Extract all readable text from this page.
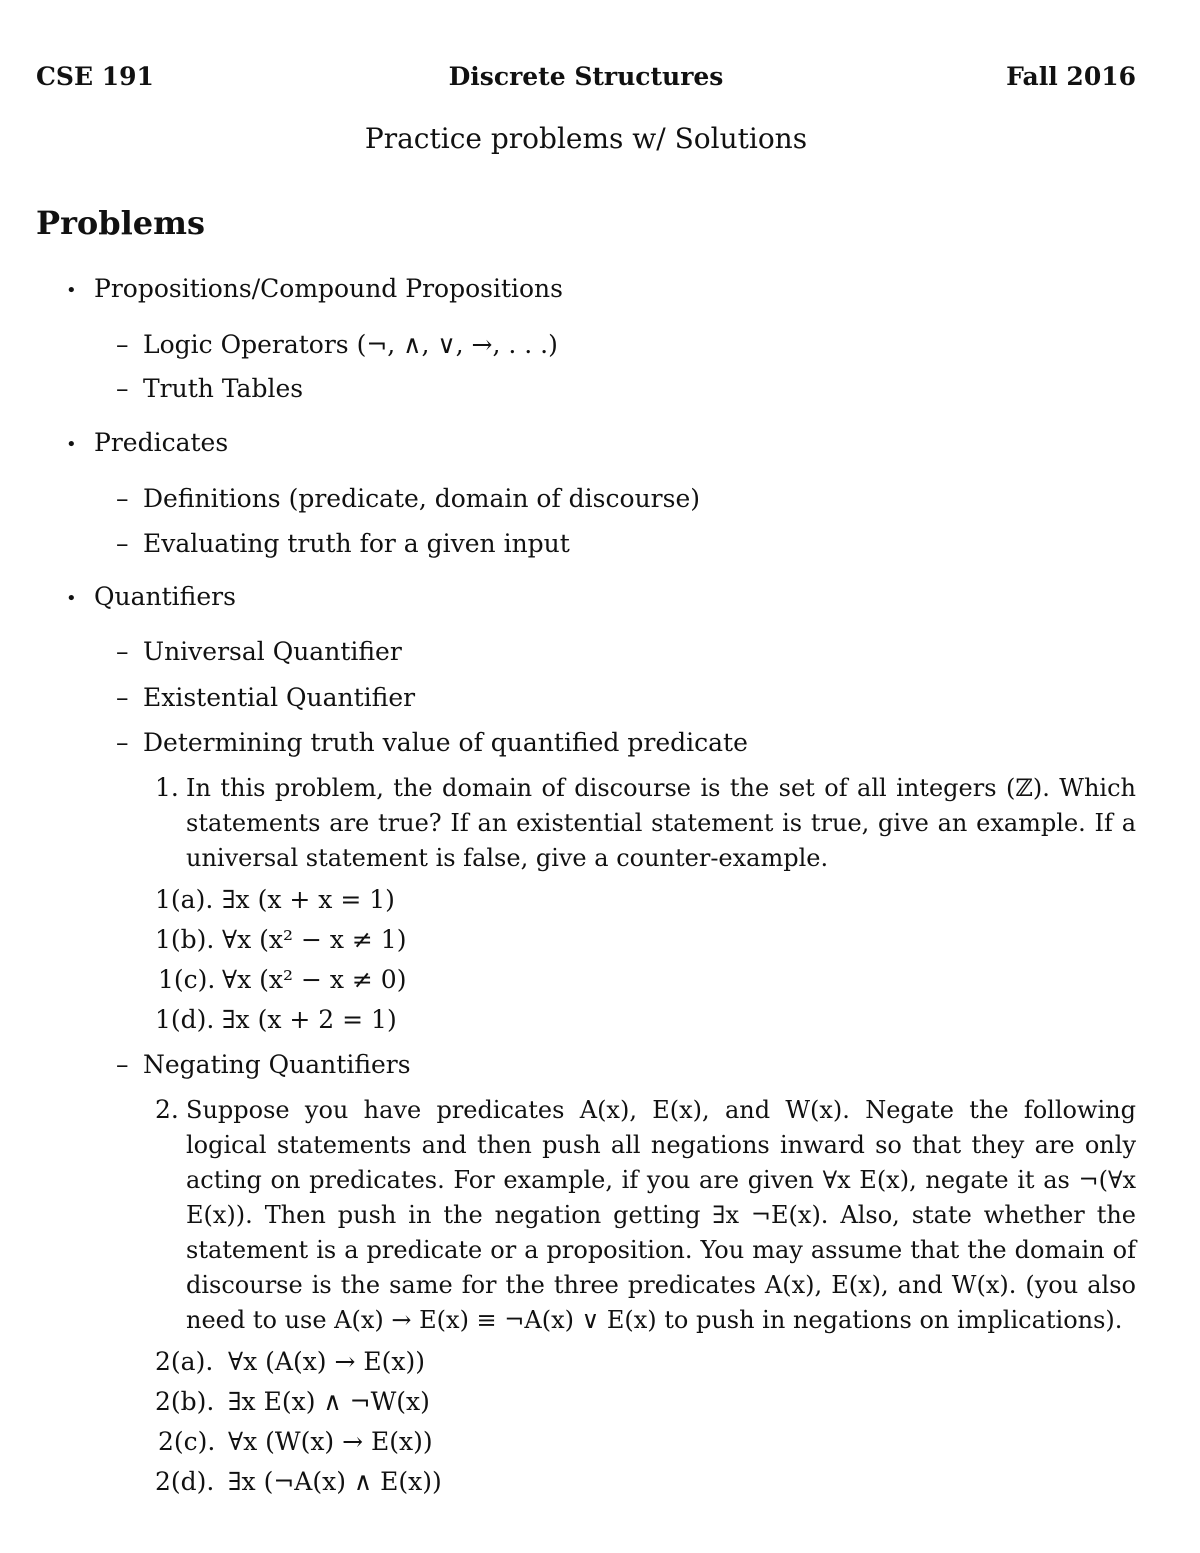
CSE 191	Discrete Structures	Fall 2016
Practice problems w/ Solutions
Problems
• Propositions/Compound Propositions
– Logic Operators (¬, ∧, ∨, →, . . .)
– Truth Tables
• Predicates
– Definitions (predicate, domain of discourse)
– Evaluating truth for a given input
• Quantifiers
– Universal Quantifier
– Existential Quantifier
– Determining truth value of quantified predicate
1. In this problem, the domain of discourse is the set of all integers (ℤ). Which statements are true? If an existential statement is true, give an example. If a universal statement is false, give a counter-example.
1(a). ∃x (x + x = 1)
1(b). ∀x (x² − x ≠ 1)
1(c). ∀x (x² − x ≠ 0)
1(d). ∃x (x + 2 = 1)
– Negating Quantifiers
2. Suppose you have predicates A(x), E(x), and W(x). Negate the following logical statements and then push all negations inward so that they are only acting on predicates. For example, if you are given ∀x E(x), negate it as ¬(∀x E(x)). Then push in the negation getting ∃x ¬E(x). Also, state whether the statement is a predicate or a proposition. You may assume that the domain of discourse is the same for the three predicates A(x), E(x), and W(x). (you also need to use A(x) → E(x) ≡ ¬A(x) ∨ E(x) to push in negations on implications).
2(a). ∀x (A(x) → E(x))
2(b). ∃x E(x) ∧ ¬W(x)
2(c). ∀x (W(x) → E(x))
2(d). ∃x (¬A(x) ∧ E(x))
